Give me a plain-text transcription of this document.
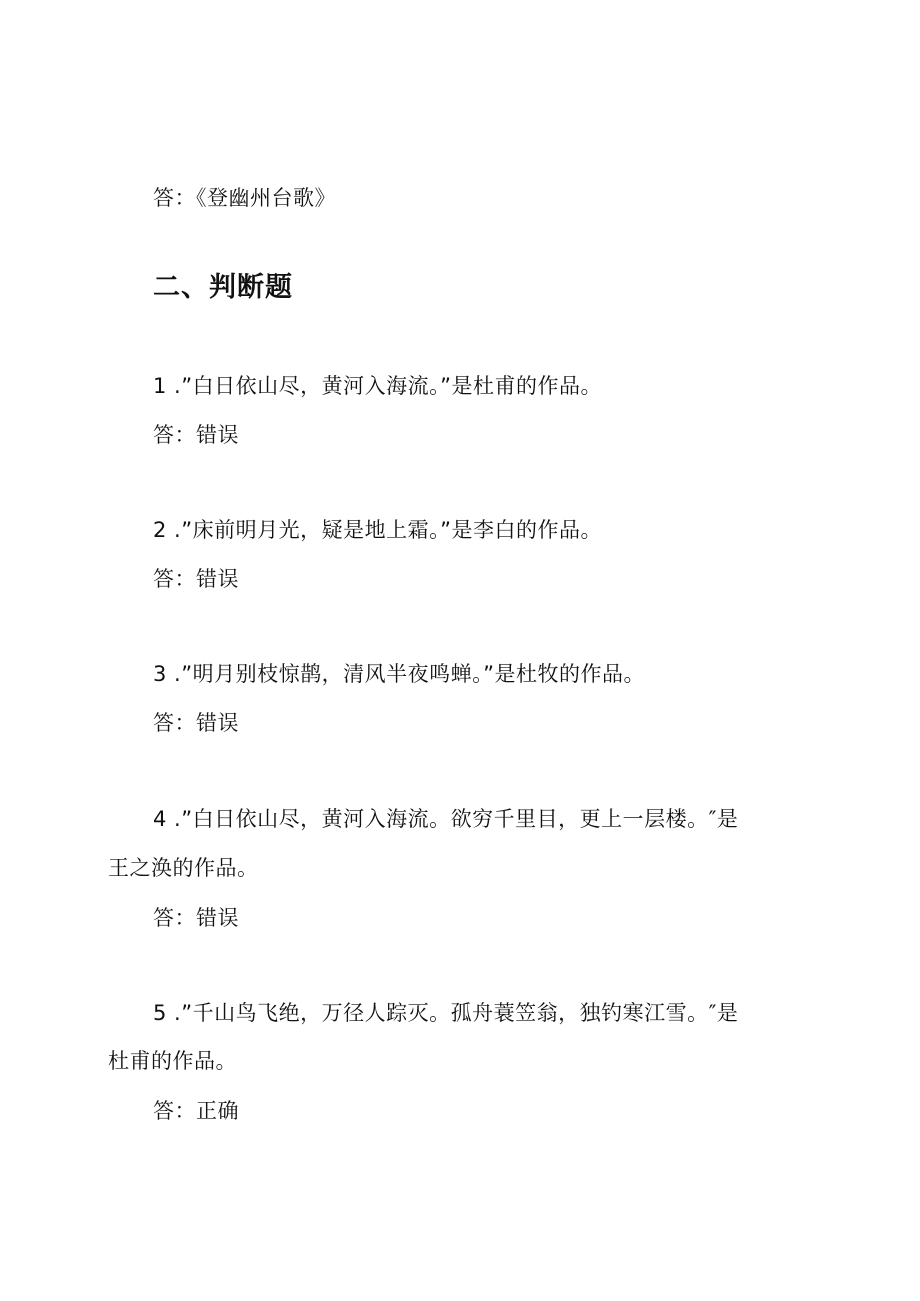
答：《登幽州台歌》
二、判断题
1 .”白日依山尽，黄河入海流。”是杜甫的作品。
答：错误
2 .”床前明月光，疑是地上霜。”是李白的作品。
答：错误
3 .”明月别枝惊鹊，清风半夜鸣蝉。”是杜牧的作品。
答：错误
4 .”白日依山尽，黄河入海流。欲穷千里目，更上一层楼。″是
王之涣的作品。
答：错误
5 .”千山鸟飞绝，万径人踪灭。孤舟蓑笠翁，独钓寒江雪。″是
杜甫的作品。
答：正确
